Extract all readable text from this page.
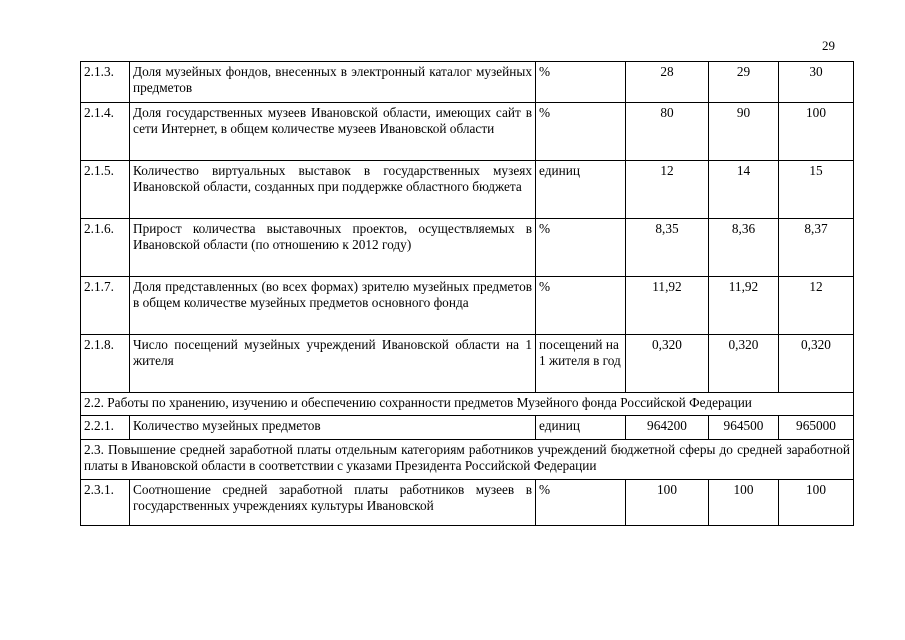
29
2.1.3.	Доля музейных фондов, внесенных в электронный каталог музейных предметов	%	28	29	30
2.1.4.	Доля государственных музеев Ивановской области, имеющих сайт в сети Интернет, в общем количестве музеев Ивановской области	%	80	90	100
2.1.5.	Количество виртуальных выставок в государственных музеях Ивановской области, созданных при поддержке областного бюджета	единиц	12	14	15
2.1.6.	Прирост количества выставочных проектов, осуществляемых в Ивановской области (по отношению к 2012 году)	%	8,35	8,36	8,37
2.1.7.	Доля представленных (во всех формах) зрителю музейных предметов в общем количестве музейных предметов основного фонда	%	11,92	11,92	12
2.1.8.	Число посещений музейных учреждений Ивановской области на 1 жителя	посещений на 1 жителя в год	0,320	0,320	0,320
2.2. Работы по хранению, изучению и обеспечению сохранности предметов Музейного фонда Российской Федерации					
2.2.1.	Количество музейных предметов	единиц	964200	964500	965000
2.3. Повышение средней заработной платы отдельным категориям работников учреждений бюджетной сферы до средней заработной платы в Ивановской области в соответствии с указами Президента Российской Федерации					
2.3.1.	Соотношение средней заработной платы работников музеев в государственных учреждениях культуры Ивановской	%	100	100	100
